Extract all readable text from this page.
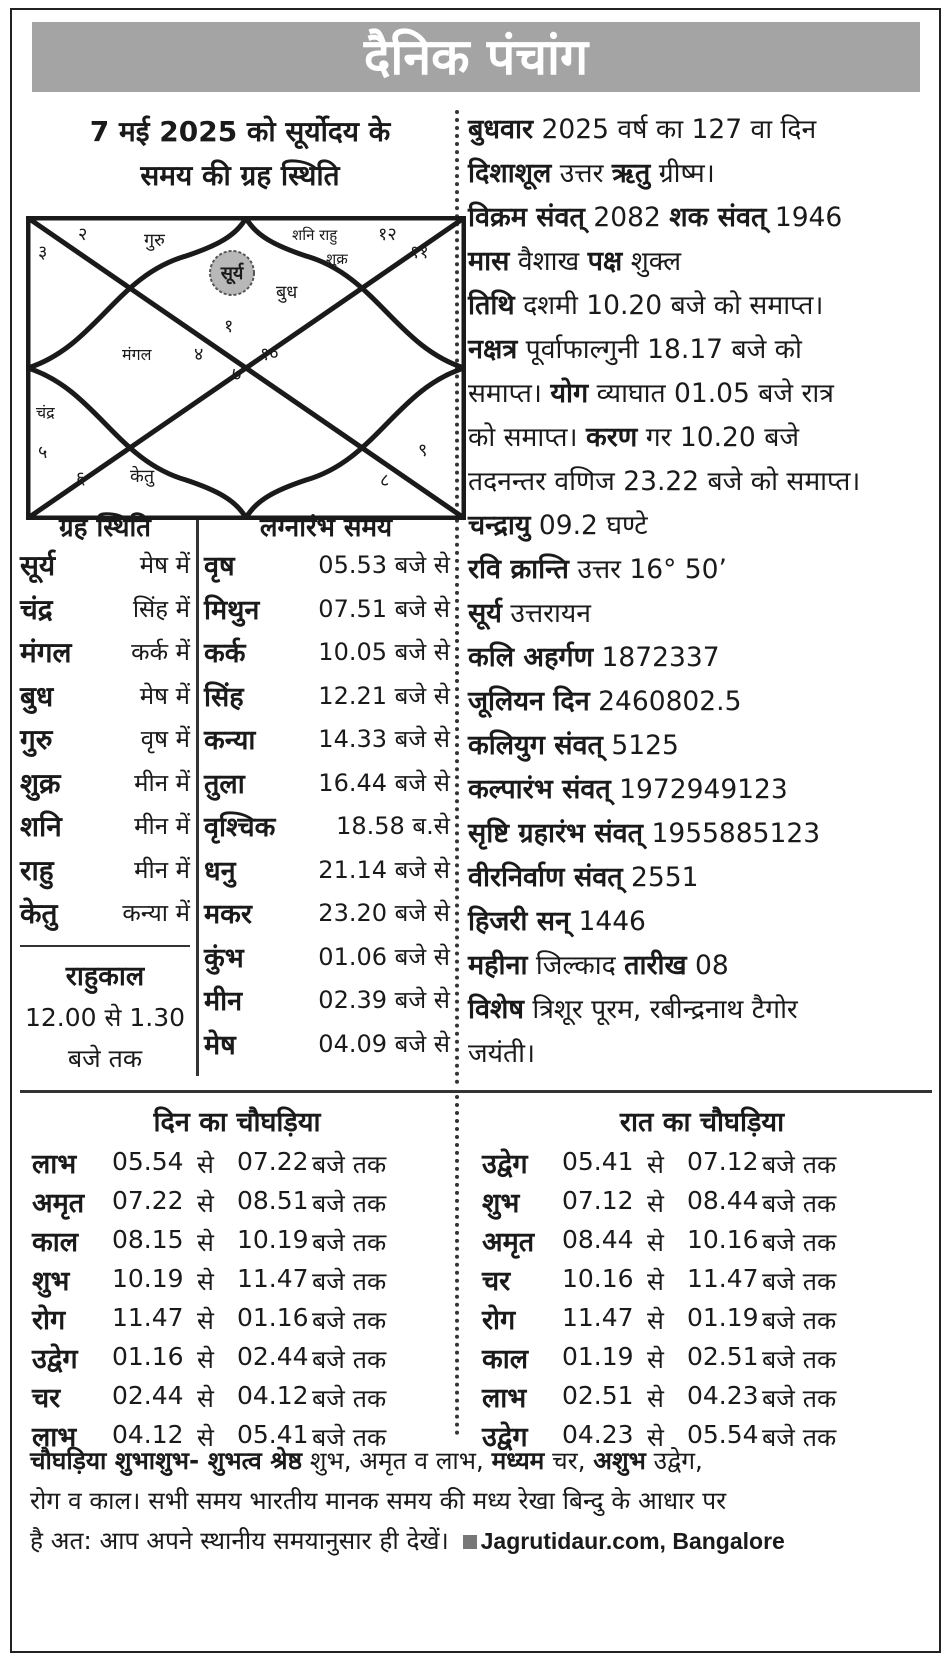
दैनिक पंचांग
7 मई 2025 को सूर्योदय के
समय की ग्रह स्थिति
सूर्य
२	गुरु	शनि राहु १२
शुक्र
३	११
बुध
१
मंगल ४	१०
७
चंद्र
५	९
६ केतु	८
ग्रह स्थिति
सूर्य	मेष में
चंद्र	सिंह में
मंगल	कर्क में
बुध	मेष में
गुरु	वृष में
शुक्र	मीन में
शनि	मीन में
राहु	मीन में
केतु	कन्या में
राहुकाल
12.00 से 1.30
बजे तक
लग्नारंभ समय
वृष	05.53 बजे से
मिथुन	07.51 बजे से
कर्क	10.05 बजे से
सिंह	12.21 बजे से
कन्या	14.33 बजे से
तुला	16.44 बजे से
वृश्चिक	18.58 ब.से
धनु	21.14 बजे से
मकर	23.20 बजे से
कुंभ	01.06 बजे से
मीन	02.39 बजे से
मेष	04.09 बजे से
बुधवार 2025 वर्ष का 127 वा दिन
दिशाशूल उत्तर ऋतु ग्रीष्म।
विक्रम संवत् 2082 शक संवत् 1946
मास वैशाख पक्ष शुक्ल
तिथि दशमी 10.20 बजे को समाप्त।
नक्षत्र पूर्वाफाल्गुनी 18.17 बजे को
समाप्त। योग व्याघात 01.05 बजे रात्र
को समाप्त। करण गर 10.20 बजे
तदनन्तर वणिज 23.22 बजे को समाप्त।
चन्द्रायु 09.2 घण्टे
रवि क्रान्ति उत्तर 16° 50’
सूर्य उत्तरायन
कलि अहर्गण 1872337
जूलियन दिन 2460802.5
कलियुग संवत् 5125
कल्पारंभ संवत् 1972949123
सृष्टि ग्रहारंभ संवत् 1955885123
वीरनिर्वाण संवत् 2551
हिजरी सन् 1446
महीना जिल्काद तारीख 08
विशेष त्रिशूर पूरम, रबीन्द्रनाथ टैगोर
जयंती।
दिन का चौघड़िया	रात का चौघड़िया
लाभ 05.54 से 07.22 बजे तक
अमृत 07.22 से 08.51 बजे तक
काल 08.15 से 10.19 बजे तक
शुभ 10.19 से 11.47 बजे तक
रोग 11.47 से 01.16 बजे तक
उद्वेग 01.16 से 02.44 बजे तक
चर 02.44 से 04.12 बजे तक
लाभ 04.12 से 05.41 बजे तक
उद्वेग 05.41 से 07.12 बजे तक
शुभ 07.12 से 08.44 बजे तक
अमृत 08.44 से 10.16 बजे तक
चर 10.16 से 11.47 बजे तक
रोग 11.47 से 01.19 बजे तक
काल 01.19 से 02.51 बजे तक
लाभ 02.51 से 04.23 बजे तक
उद्वेग 04.23 से 05.54 बजे तक
चौघड़िया शुभाशुभ- शुभत्व श्रेष्ठ शुभ, अमृत व लाभ, मध्यम चर, अशुभ उद्वेग,
रोग व काल। सभी समय भारतीय मानक समय की मध्य रेखा बिन्दु के आधार पर
है अत: आप अपने स्थानीय समयानुसार ही देखें। Jagrutidaur.com, Bangalore
